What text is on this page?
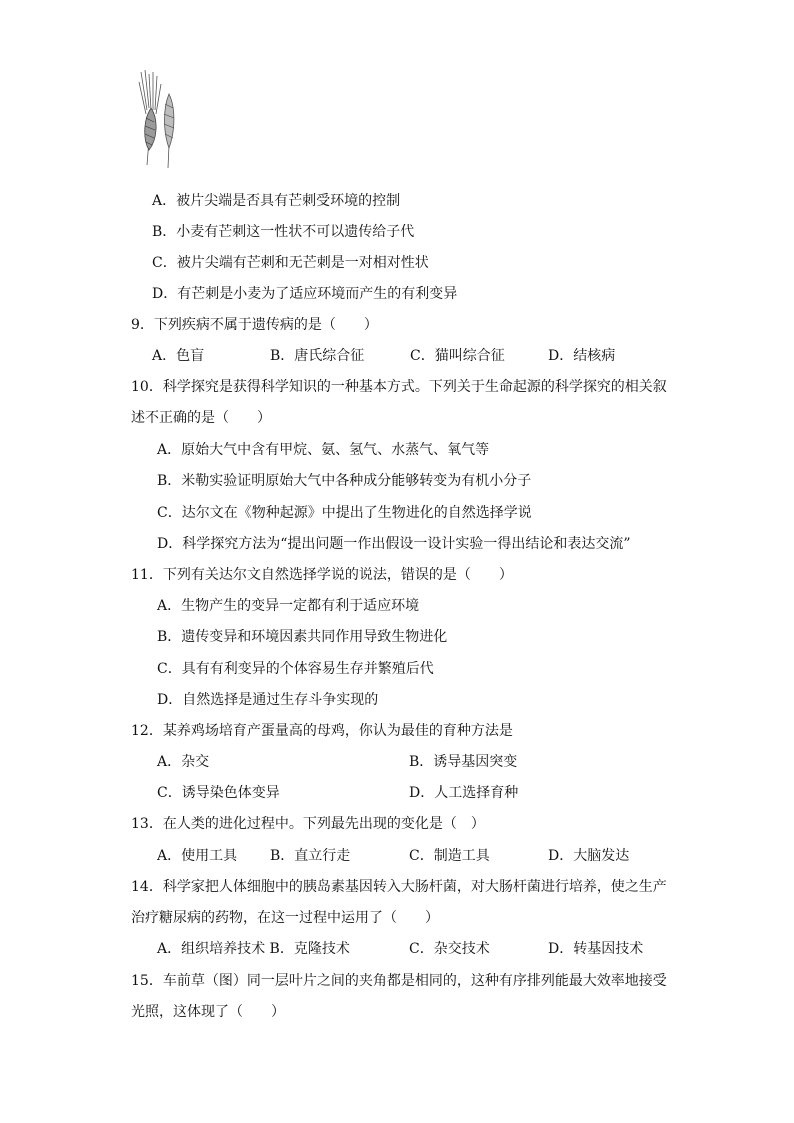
A．被片尖端是否具有芒刺受环境的控制
B．小麦有芒刺这一性状不可以遗传给子代
C．被片尖端有芒刺和无芒刺是一对相对性状
D．有芒刺是小麦为了适应环境而产生的有利变异
9．下列疾病不属于遗传病的是（　　）
A．色盲	B．唐氏综合征	C．猫叫综合征	D．结核病
10．科学探究是获得科学知识的一种基本方式。下列关于生命起源的科学探究的相关叙
述不正确的是（　　）
A．原始大气中含有甲烷、氨、氢气、水蒸气、氧气等
B．米勒实验证明原始大气中各种成分能够转变为有机小分子
C．达尔文在《物种起源》中提出了生物进化的自然选择学说
D．科学探究方法为“提出问题一作出假设一设计实验一得出结论和表达交流”
11．下列有关达尔文自然选择学说的说法，错误的是（　　）
A．生物产生的变异一定都有利于适应环境
B．遗传变异和环境因素共同作用导致生物进化
C．具有有利变异的个体容易生存并繁殖后代
D．自然选择是通过生存斗争实现的
12．某养鸡场培育产蛋量高的母鸡，你认为最佳的育种方法是
A．杂交	B．诱导基因突变
C．诱导染色体变异	D．人工选择育种
13．在人类的进化过程中。下列最先出现的变化是（　）
A．使用工具 B．直立行走	C．制造工具	D．大脑发达
14．科学家把人体细胞中的胰岛素基因转入大肠杆菌，对大肠杆菌进行培养，使之生产
治疗糖尿病的药物，在这一过程中运用了（　　）
A．组织培养技术 B．克隆技术	C．杂交技术	D．转基因技术
15．车前草（图）同一层叶片之间的夹角都是相同的，这种有序排列能最大效率地接受
光照，这体现了（　　）
